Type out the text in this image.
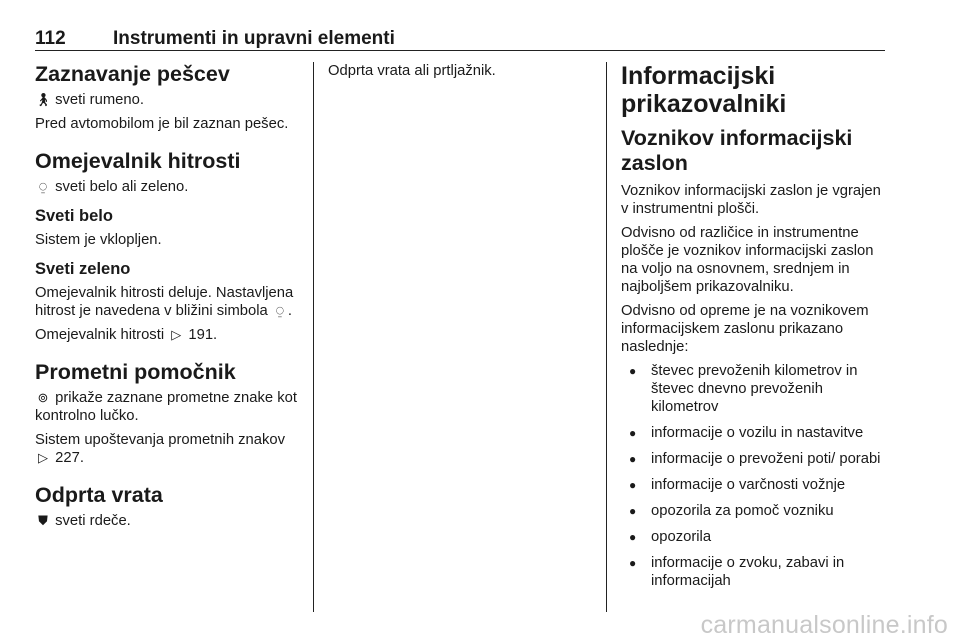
112 Instrumenti in upravni elementi
Zaznavanje pešcev

🚶︎ sveti rumeno.

Pred avtomobilom je bil zaznan pešec.

Omejevalnik hitrosti

⍜ sveti belo ali zeleno.

Sveti belo

Sistem je vklopljen.

Sveti zeleno

Omejevalnik hitrosti deluje. Nastavljena hitrost je navedena v bližini simbola ⍜ .

Omejevalnik hitrosti ▷ 191.

Prometni pomočnik

⊚ prikaže zaznane prometne znake kot kontrolno lučko.

Sistem upoštevanja prometnih znakov ▷ 227.

Odprta vrata

⛊ sveti rdeče.

Odprta vrata ali prtljažnik.	Informacijski prikazovalniki
Voznikov informacijski zaslon

Voznikov informacijski zaslon je vgrajen v instrumentni plošči.

Odvisno od različice in instrumentne plošče je voznikov informacijski zaslon na voljo na osnovnem, srednjem in najboljšem prikazovalniku.

Odvisno od opreme je na voznikovem informacijskem zaslonu prikazano naslednje:

● števec prevoženih kilometrov in števec dnevno prevoženih kilometrov
● informacije o vozilu in nastavitve
● informacije o prevoženi poti/ porabi
● informacije o varčnosti vožnje
● opozorila za pomoč vozniku
● opozorila
● informacije o zvoku, zabavi in informacijah
carmanualsonline.info
